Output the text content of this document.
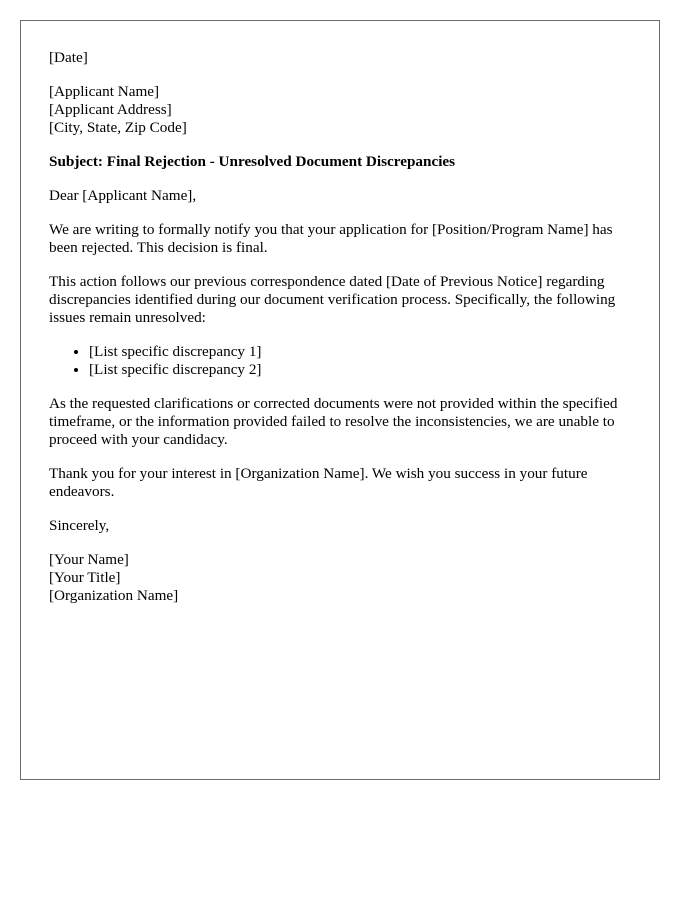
[Date]

[Applicant Name]
[Applicant Address]
[City, State, Zip Code]

Subject: Final Rejection - Unresolved Document Discrepancies

Dear [Applicant Name],

We are writing to formally notify you that your application for [Position/Program Name] has been rejected. This decision is final.

This action follows our previous correspondence dated [Date of Previous Notice] regarding discrepancies identified during our document verification process. Specifically, the following issues remain unresolved:

• [List specific discrepancy 1]
• [List specific discrepancy 2]

As the requested clarifications or corrected documents were not provided within the specified timeframe, or the information provided failed to resolve the inconsistencies, we are unable to proceed with your candidacy.

Thank you for your interest in [Organization Name]. We wish you success in your future endeavors.

Sincerely,

[Your Name]
[Your Title]
[Organization Name]
